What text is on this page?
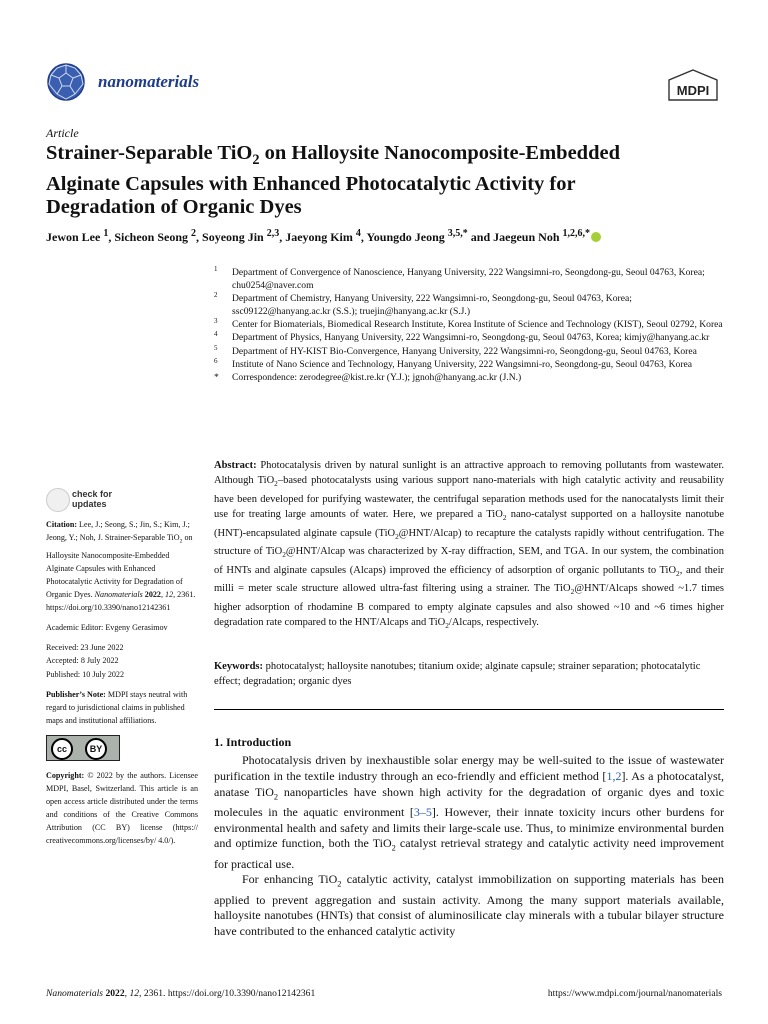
nanomaterials	MDPI
Article
Strainer-Separable TiO$_2$ on Halloysite Nanocomposite-Embedded
Alginate Capsules with Enhanced Photocatalytic Activity for
Degradation of Organic Dyes
Jewon Lee $^1$, Sicheon Seong $^2$, Soyeong Jin $^{2,3}$, Jaeyong Kim $^4$, Youngdo Jeong $^{3,5,*}$ and Jaegeun Noh $^{1,2,6,*}$
1 Department of Convergence of Nanoscience, Hanyang University, 222 Wangsimni-ro, Seongdong-gu, Seoul 04763, Korea; chu0254@naver.com
2 Department of Chemistry, Hanyang University, 222 Wangsimni-ro, Seongdong-gu, Seoul 04763, Korea; ssc09122@hanyang.ac.kr (S.S.); truejin@hanyang.ac.kr (S.J.)
3 Center for Biomaterials, Biomedical Research Institute, Korea Institute of Science and Technology (KIST), Seoul 02792, Korea
4 Department of Physics, Hanyang University, 222 Wangsimni-ro, Seongdong-gu, Seoul 04763, Korea; kimjy@hanyang.ac.kr
5 Department of HY-KIST Bio-Convergence, Hanyang University, 222 Wangsimni-ro, Seongdong-gu, Seoul 04763, Korea
6 Institute of Nano Science and Technology, Hanyang University, 222 Wangsimni-ro, Seongdong-gu, Seoul 04763, Korea
* Correspondence: zerodegree@kist.re.kr (Y.J.); jgnoh@hanyang.ac.kr (J.N.)
Abstract: Photocatalysis driven by natural sunlight is an attractive approach to removing pollutants from wastewater. Although TiO$_2$–based photocatalysts using various support nano-materials with high catalytic activity and reusability have been developed for purifying wastewater, the centrifugal separation methods used for the nanocatalysts limit their use for treating large amounts of water. Here, we prepared a TiO$_2$ nano-catalyst supported on a halloysite nanotube (HNT)-encapsulated alginate capsule (TiO$_2$@HNT/Alcap) to recapture the catalysts rapidly without centrifugation. The structure of TiO$_2$@HNT/Alcap was characterized by X-ray diffraction, SEM, and TGA. In our system, the combination of HNTs and alginate capsules (Alcaps) improved the efficiency of adsorption of organic pollutants to TiO$_2$, and their milli = meter scale structure allowed ultra-fast filtering using a strainer. The TiO$_2$@HNT/Alcaps showed ~1.7 times higher adsorption of rhodamine B compared to empty alginate capsules and also showed ~10 and ~6 times higher degradation rate compared to the HNT/Alcaps and TiO$_2$/Alcaps, respectively.
Keywords: photocatalyst; halloysite nanotubes; titanium oxide; alginate capsule; strainer separation; photocatalytic effect; degradation; organic dyes
1. Introduction

Photocatalysis driven by inexhaustible solar energy may be well-suited to the issue of wastewater purification in the textile industry through an eco-friendly and efficient method [1,2]. As a photocatalyst, anatase TiO$_2$ nanoparticles have shown high activity for the degradation of organic dyes and toxic molecules in the aquatic environment [3–5]. However, their innate toxicity incurs other burdens for environmental health and safety and limits their large-scale use. Thus, to minimize environmental burden and optimize function, both the TiO$_2$ catalyst retrieval strategy and catalytic activity need improvement for practical use.

For enhancing TiO$_2$ catalytic activity, catalyst immobilization on supporting materials has been applied to prevent aggregation and sustain activity. Among the many support materials available, halloysite nanotubes (HNTs) that consist of aluminosilicate clay minerals with a tubular bilayer structure have contributed to the enhanced catalytic activity

check for
updates
Citation: Lee, J.; Seong, S.; Jin, S.; Kim, J.; Jeong, Y.; Noh, J. Strainer-Separable TiO$_2$ on Halloysite Nanocomposite-Embedded Alginate Capsules with Enhanced Photocatalytic Activity for Degradation of Organic Dyes. Nanomaterials 2022, 12, 2361. https://doi.org/10.3390/nano12142361
Academic Editor: Evgeny Gerasimov
Received: 23 June 2022
Accepted: 8 July 2022
Published: 10 July 2022
Publisher’s Note: MDPI stays neutral with regard to jurisdictional claims in published maps and institutional affiliations.
cc	BY
Copyright: © 2022 by the authors. Licensee MDPI, Basel, Switzerland. This article is an open access article distributed under the terms and conditions of the Creative Commons Attribution (CC BY) license (https:// creativecommons.org/licenses/by/ 4.0/).
Nanomaterials 2022, 12, 2361. https://doi.org/10.3390/nano12142361	https://www.mdpi.com/journal/nanomaterials
